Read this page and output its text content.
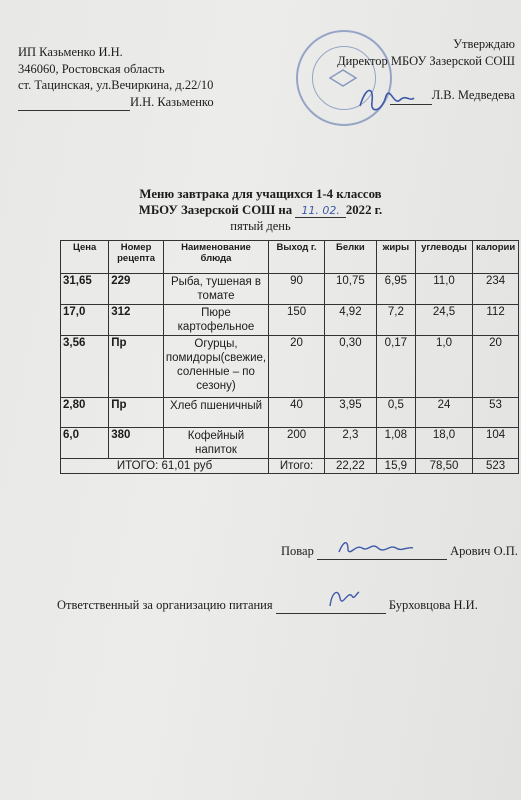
ИП Казьменко И.Н.
346060, Ростовская область
ст. Тацинская, ул.Вечиркина, д.22/10
И.Н. Казьменко
Утверждаю
Директор МБОУ Зазерской СОШ
Л.В. Медведева
Меню завтрака для учащихся 1-4 классов
МБОУ Зазерской СОШ на 11. 02. 2022 г.
пятый день
Цена	Номер рецепта	Наименование блюда	Выход г.	Белки	жиры	углеводы	калории
31,65	229	Рыба, тушеная в томате	90	10,75	6,95	11,0	234
17,0	312	Пюре картофельное	150	4,92	7,2	24,5	112
3,56	Пр	Огурцы, помидоры(свежие, соленные – по сезону)	20	0,30	0,17	1,0	20
2,80	Пр	Хлеб пшеничный	40	3,95	0,5	24	53
6,0	380	Кофейный напиток	200	2,3	1,08	18,0	104
ИТОГО: 61,01 руб			Итого:	22,22	15,9	78,50	523
Повар	Арович О.П.
Ответственный за организацию питания	Бурховцова Н.И.
